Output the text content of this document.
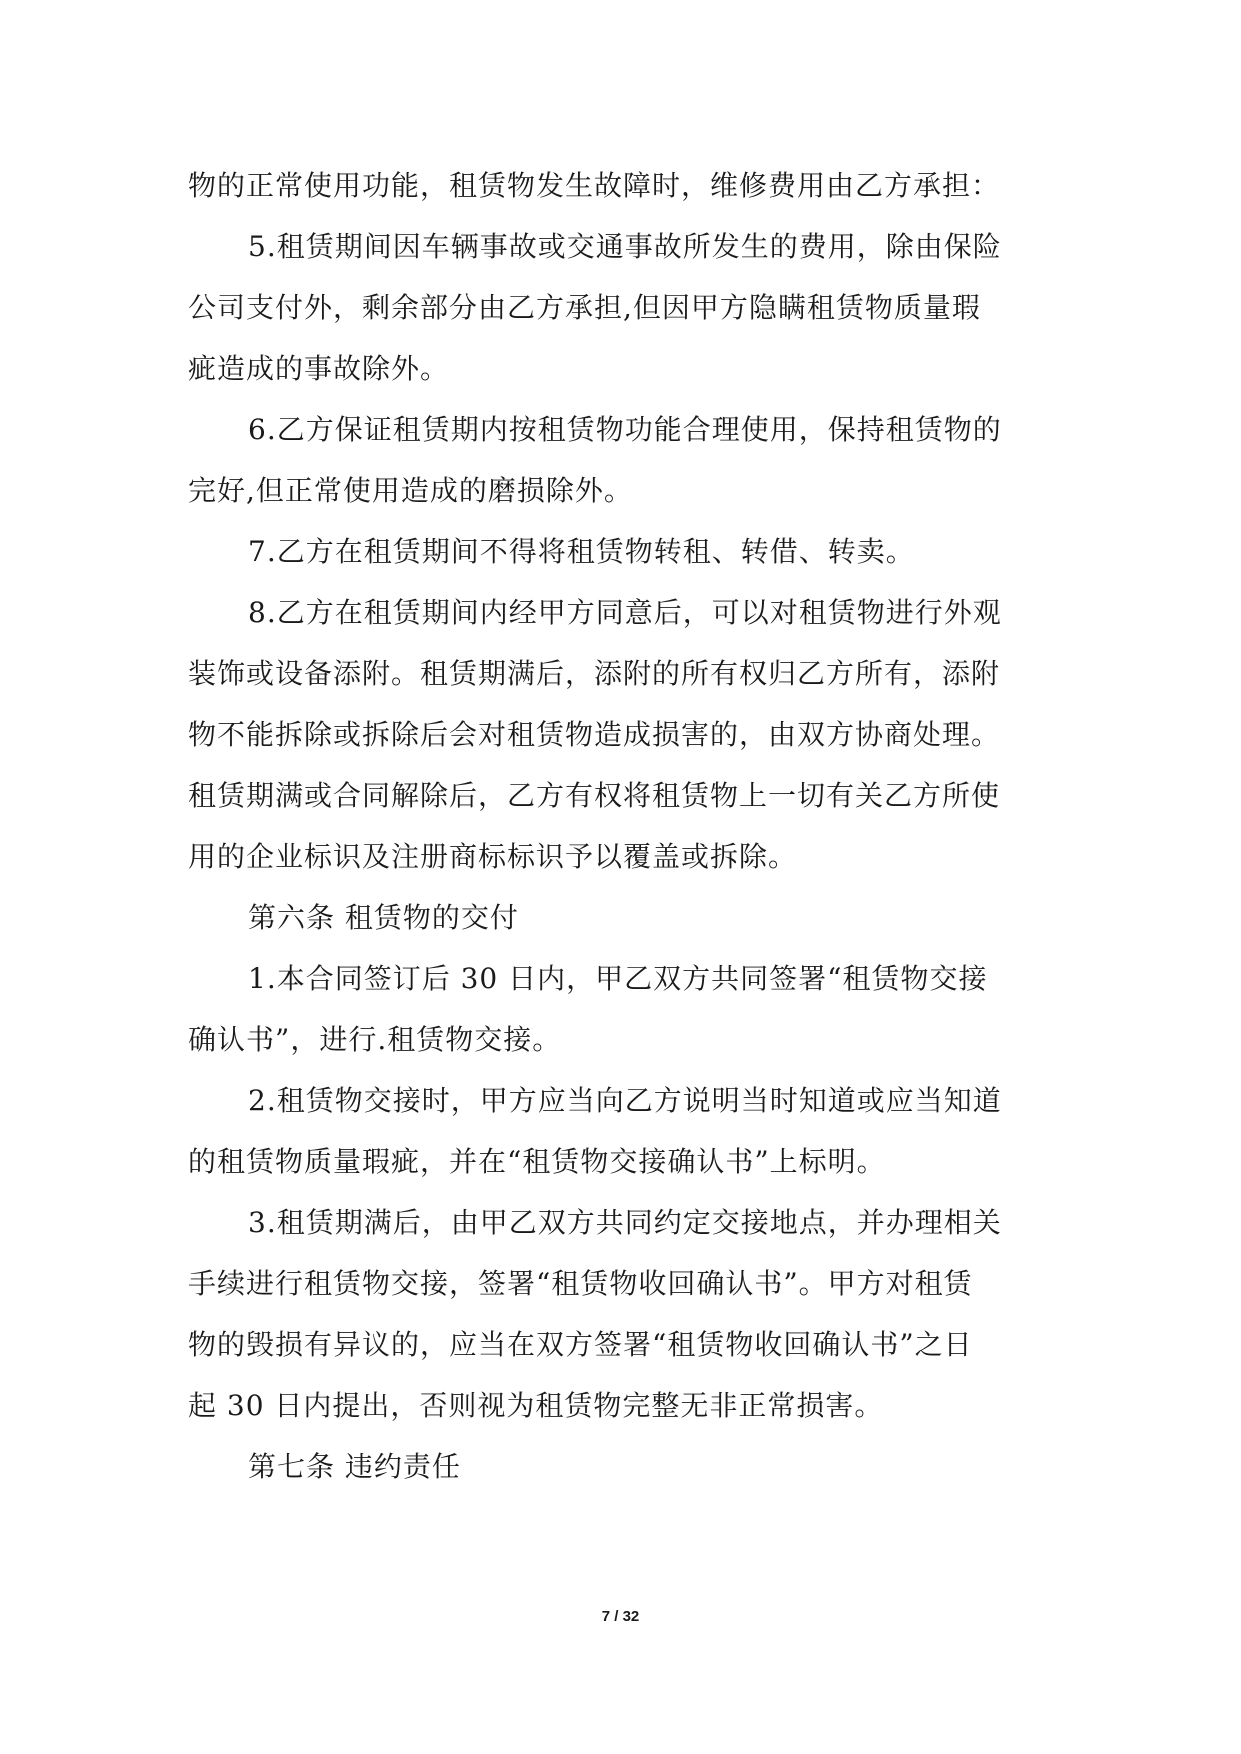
物的正常使用功能，租赁物发生故障时，维修费用由乙方承担：
5.租赁期间因车辆事故或交通事故所发生的费用，除由保险
公司支付外，剩余部分由乙方承担,但因甲方隐瞒租赁物质量瑕
疵造成的事故除外。
6.乙方保证租赁期内按租赁物功能合理使用，保持租赁物的
完好,但正常使用造成的磨损除外。
7.乙方在租赁期间不得将租赁物转租、转借、转卖。
8.乙方在租赁期间内经甲方同意后，可以对租赁物进行外观
装饰或设备添附。租赁期满后，添附的所有权归乙方所有，添附
物不能拆除或拆除后会对租赁物造成损害的，由双方协商处理。
租赁期满或合同解除后，乙方有权将租赁物上一切有关乙方所使
用的企业标识及注册商标标识予以覆盖或拆除。
第六条 租赁物的交付
1.本合同签订后 30 日内，甲乙双方共同签署“租赁物交接
确认书”，进行.租赁物交接。
2.租赁物交接时，甲方应当向乙方说明当时知道或应当知道
的租赁物质量瑕疵，并在“租赁物交接确认书”上标明。
3.租赁期满后，由甲乙双方共同约定交接地点，并办理相关
手续进行租赁物交接，签署“租赁物收回确认书”。甲方对租赁
物的毁损有异议的，应当在双方签署“租赁物收回确认书”之日
起 30 日内提出，否则视为租赁物完整无非正常损害。
第七条 违约责任
7 / 32
